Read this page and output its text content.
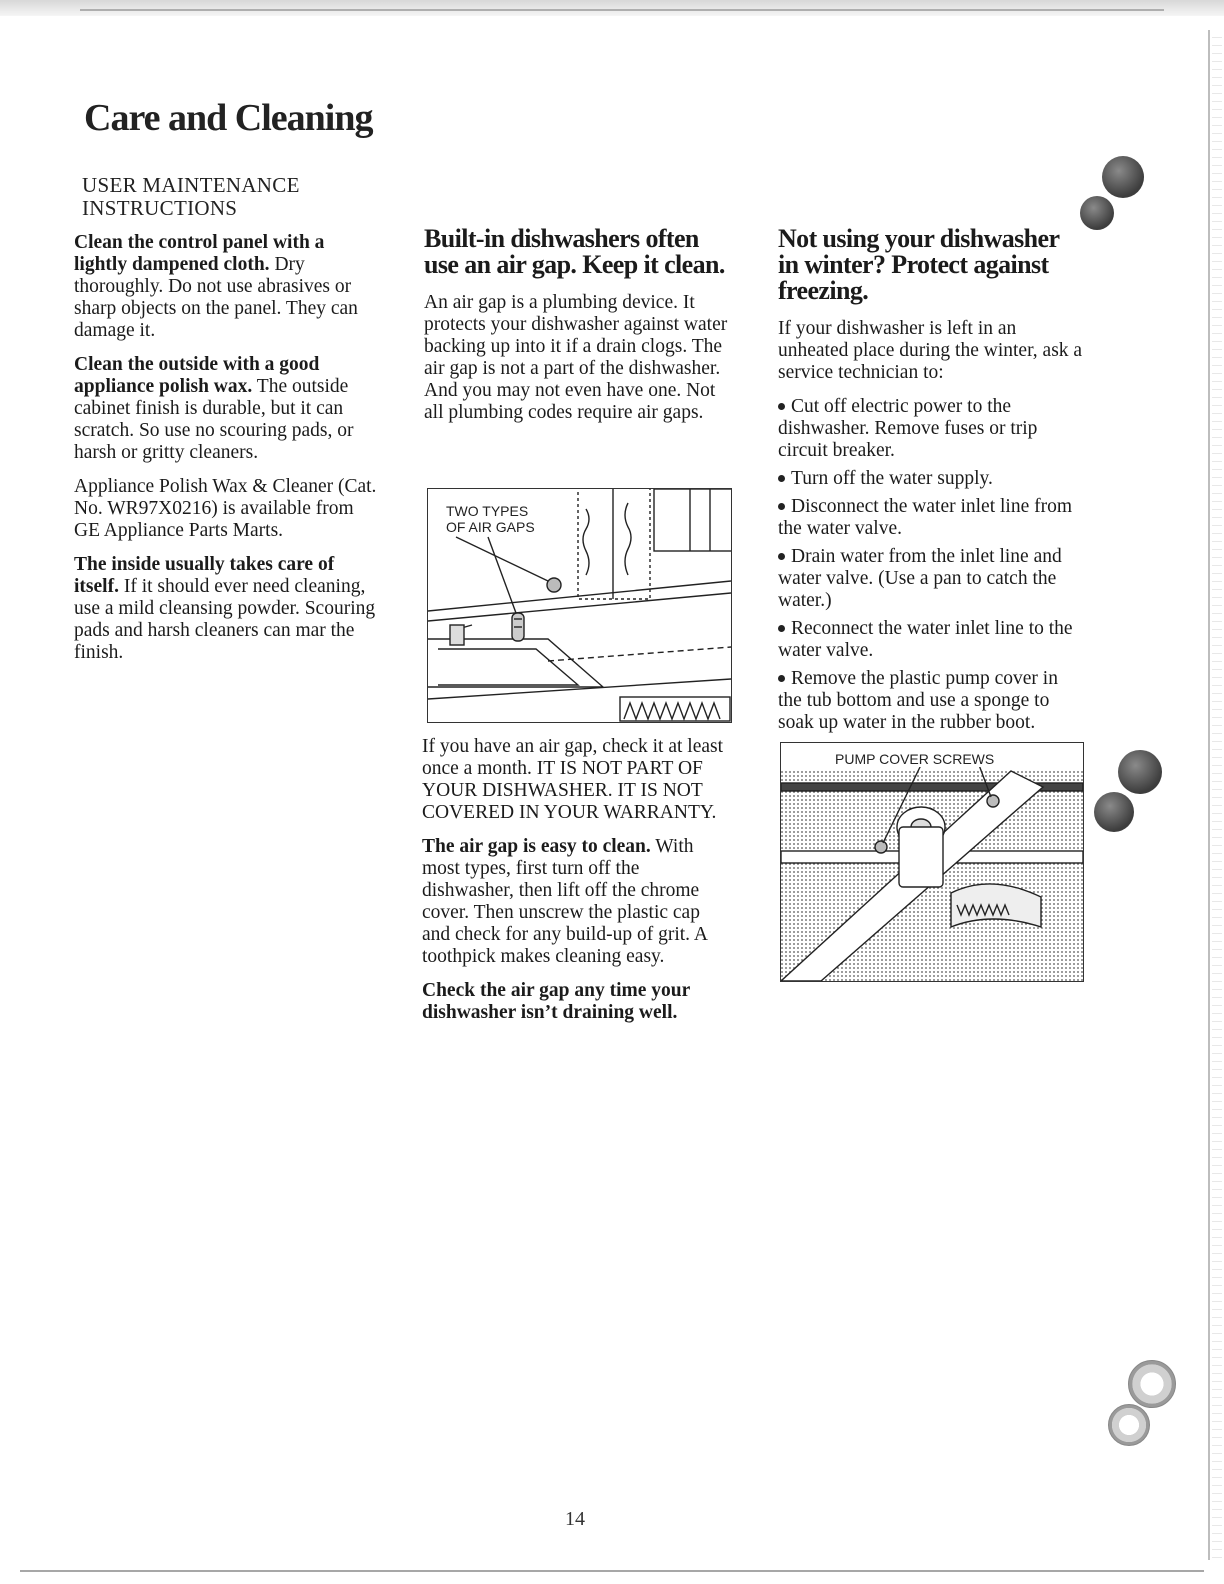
Care and Cleaning
USER MAINTENANCE
INSTRUCTIONS

Clean the control panel with a lightly dampened cloth. Dry thoroughly. Do not use abrasives or sharp objects on the panel. They can damage it.

Clean the outside with a good appliance polish wax. The outside cabinet finish is durable, but it can scratch. So use no scouring pads, or harsh or gritty cleaners.

Appliance Polish Wax & Cleaner (Cat. No. WR97X0216) is available from GE Appliance Parts Marts.

The inside usually takes care of itself. If it should ever need cleaning, use a mild cleansing powder. Scouring pads and harsh cleaners can mar the finish.

Built-in dishwashers often use an air gap. Keep it clean.

An air gap is a plumbing device. It protects your dishwasher against water backing up into it if a drain clogs. The air gap is not a part of the dishwasher. And you may not even have one. Not all plumbing codes require air gaps.

TWO TYPES
OF AIR GAPS

If you have an air gap, check it at least once a month. IT IS NOT PART OF YOUR DISHWASHER. IT IS NOT COVERED IN YOUR WARRANTY.

The air gap is easy to clean. With most types, first turn off the dishwasher, then lift off the chrome cover. Then unscrew the plastic cap and check for any build-up of grit. A toothpick makes cleaning easy.

Check the air gap any time your dishwasher isn’t draining well.

Not using your dishwasher in winter? Protect against freezing.

If your dishwasher is left in an unheated place during the winter, ask a service technician to:

Cut off electric power to the dishwasher. Remove fuses or trip circuit breaker.
Turn off the water supply.
Disconnect the water inlet line from the water valve.
Drain water from the inlet line and water valve. (Use a pan to catch the water.)
Reconnect the water inlet line to the water valve.
Remove the plastic pump cover in the tub bottom and use a sponge to soak up water in the rubber boot.
PUMP COVER SCREWS
14
